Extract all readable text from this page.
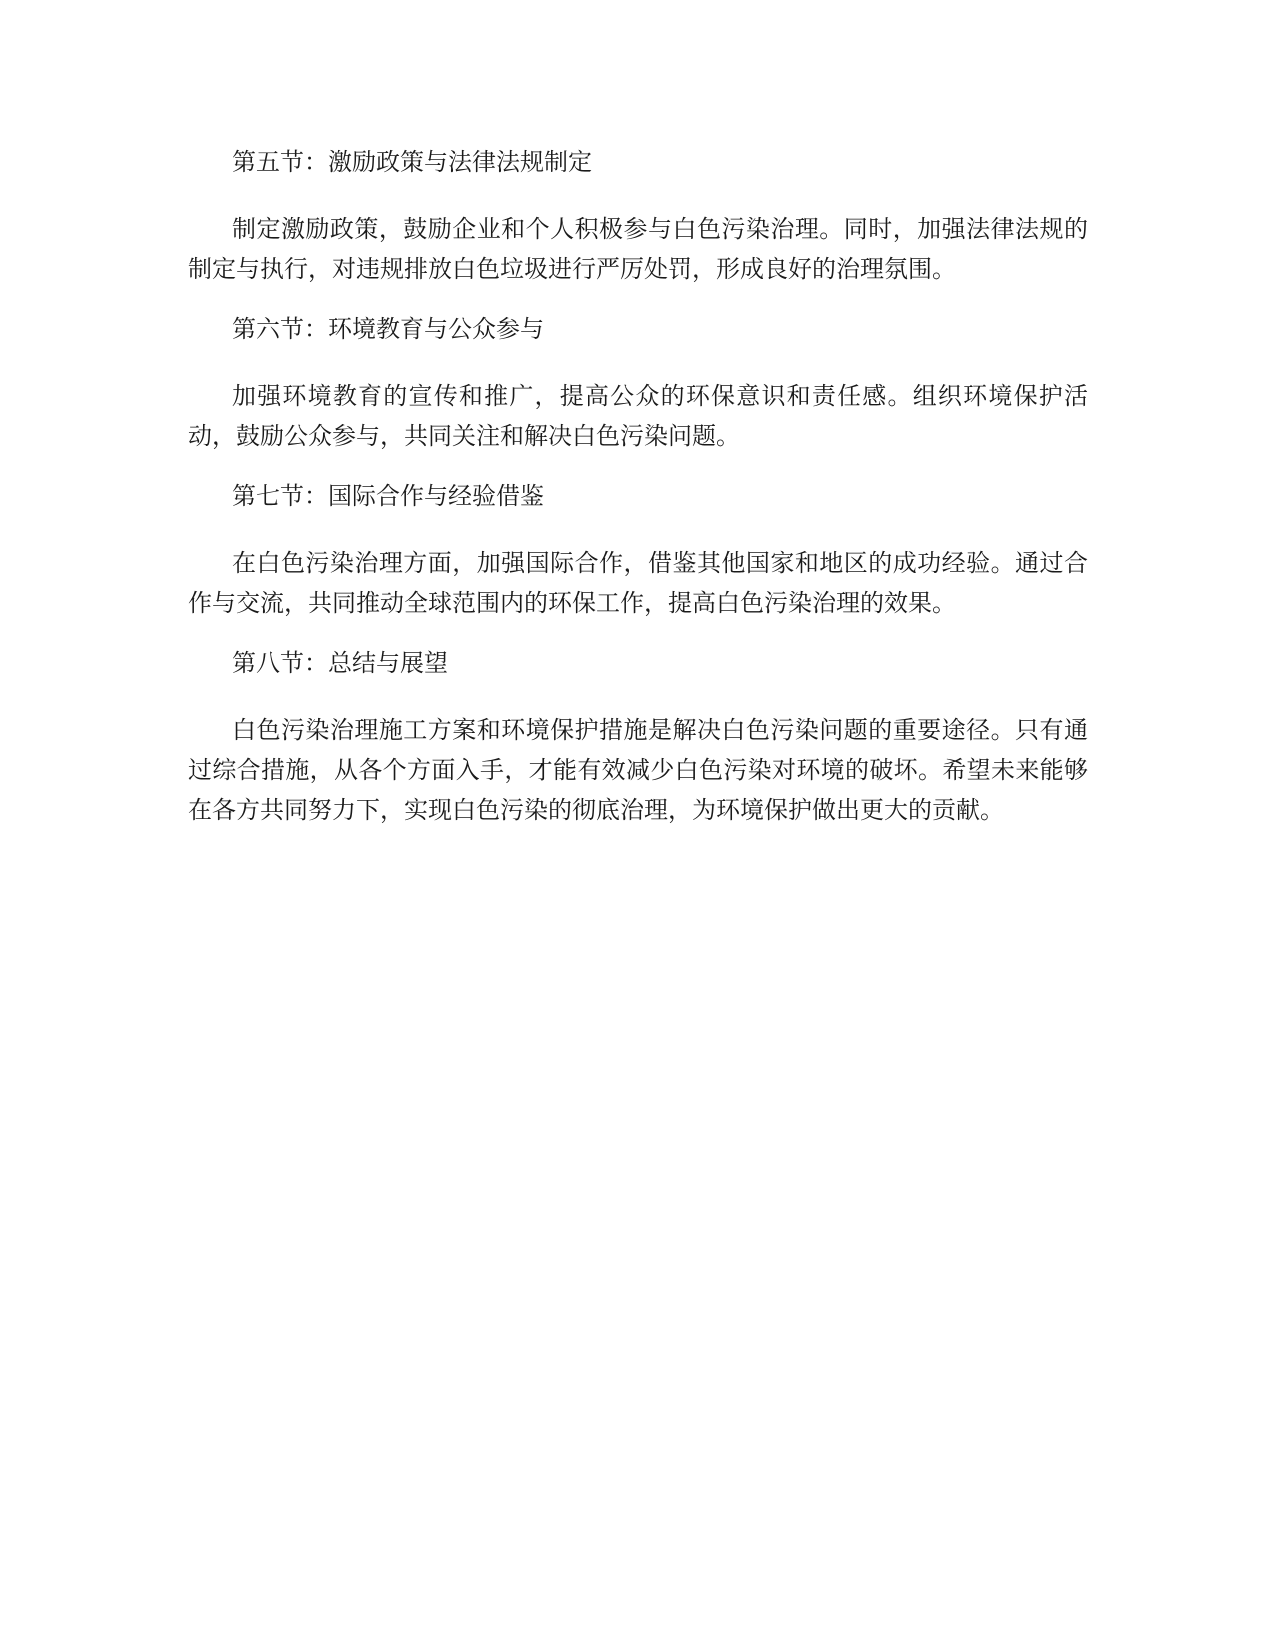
第五节：激励政策与法律法规制定

制定激励政策，鼓励企业和个人积极参与白色污染治理。同时，加强法律法规的制定与执行，对违规排放白色垃圾进行严厉处罚，形成良好的治理氛围。

第六节：环境教育与公众参与

加强环境教育的宣传和推广，提高公众的环保意识和责任感。组织环境保护活动，鼓励公众参与，共同关注和解决白色污染问题。

第七节：国际合作与经验借鉴

在白色污染治理方面，加强国际合作，借鉴其他国家和地区的成功经验。通过合作与交流，共同推动全球范围内的环保工作，提高白色污染治理的效果。

第八节：总结与展望

白色污染治理施工方案和环境保护措施是解决白色污染问题的重要途径。只有通过综合措施，从各个方面入手，才能有效减少白色污染对环境的破坏。希望未来能够在各方共同努力下，实现白色污染的彻底治理，为环境保护做出更大的贡献。
